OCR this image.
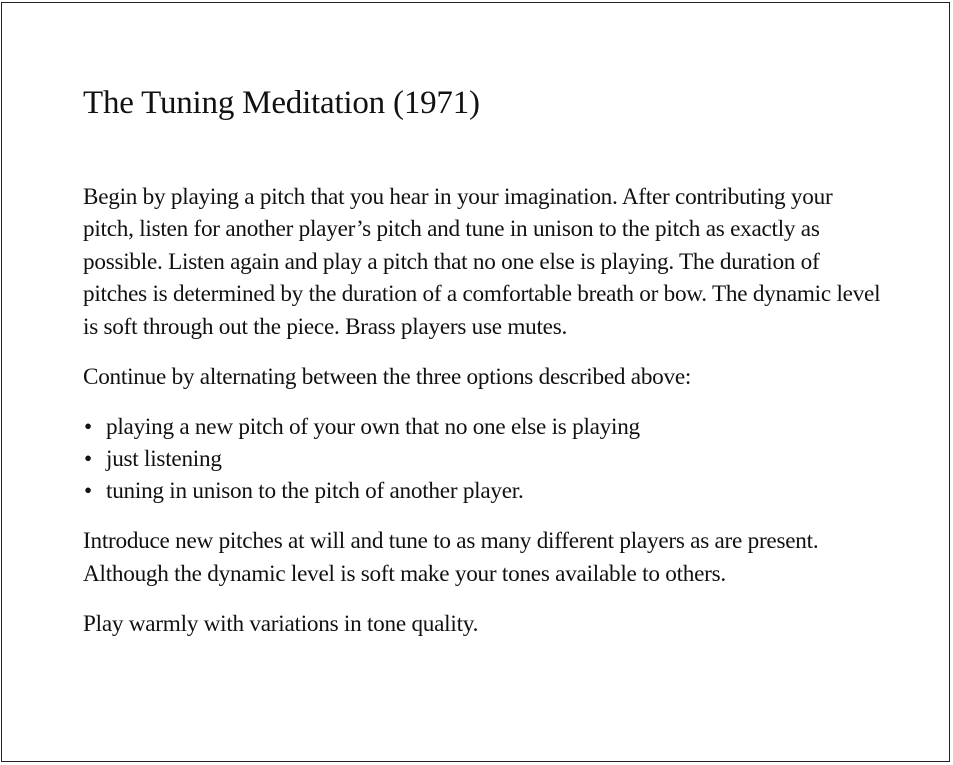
The Tuning Meditation (1971)

Begin by playing a pitch that you hear in your imagination. After contributing your pitch, listen for another player’s pitch and tune in unison to the pitch as exactly as possible. Listen again and play a pitch that no one else is playing. The duration of pitches is determined by the duration of a comfortable breath or bow. The dynamic level is soft through out the piece. Brass players use mutes.

Continue by alternating between the three options described above:

• playing a new pitch of your own that no one else is playing
• just listening
• tuning in unison to the pitch of another player.

Introduce new pitches at will and tune to as many different players as are present. Although the dynamic level is soft make your tones available to others.

Play warmly with variations in tone quality.
